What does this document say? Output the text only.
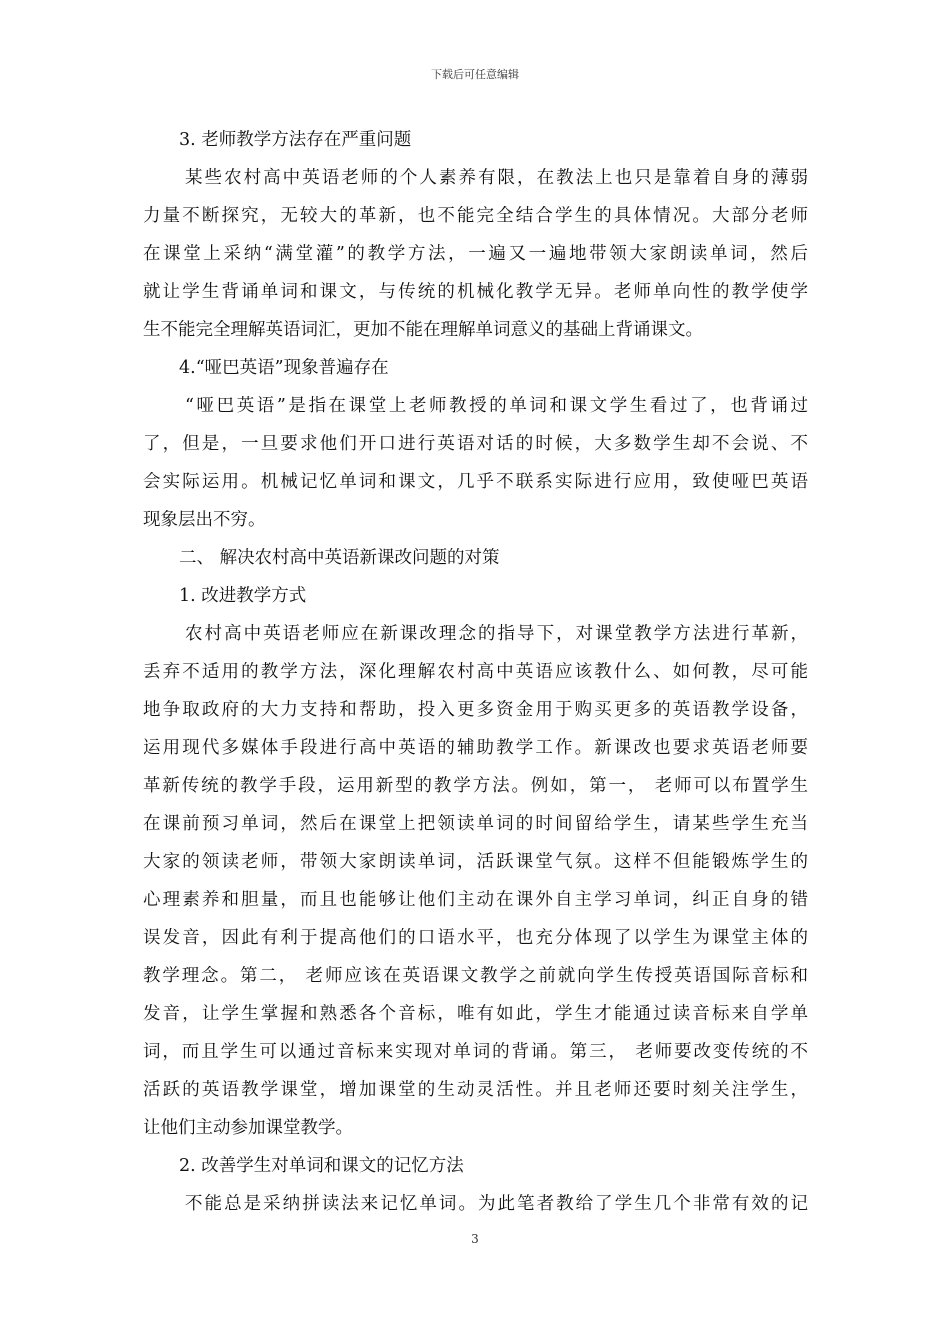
下载后可任意编辑
3. 老师教学方法存在严重问题
某些农村高中英语老师的个人素养有限，在教法上也只是靠着自身的薄弱
力量不断探究，无较大的革新，也不能完全结合学生的具体情况。大部分老师
在课堂上采纳“满堂灌”的教学方法，一遍又一遍地带领大家朗读单词，然后
就让学生背诵单词和课文，与传统的机械化教学无异。老师单向性的教学使学
生不能完全理解英语词汇，更加不能在理解单词意义的基础上背诵课文。
4.“哑巴英语”现象普遍存在
“哑巴英语”是指在课堂上老师教授的单词和课文学生看过了，也背诵过
了，但是，一旦要求他们开口进行英语对话的时候，大多数学生却不会说、不
会实际运用。机械记忆单词和课文，几乎不联系实际进行应用，致使哑巴英语
现象层出不穷。
二、 解决农村高中英语新课改问题的对策
1. 改进教学方式
农村高中英语老师应在新课改理念的指导下，对课堂教学方法进行革新，
丢弃不适用的教学方法，深化理解农村高中英语应该教什么、如何教，尽可能
地争取政府的大力支持和帮助，投入更多资金用于购买更多的英语教学设备，
运用现代多媒体手段进行高中英语的辅助教学工作。新课改也要求英语老师要
革新传统的教学手段，运用新型的教学方法。例如，第一， 老师可以布置学生
在课前预习单词，然后在课堂上把领读单词的时间留给学生，请某些学生充当
大家的领读老师，带领大家朗读单词，活跃课堂气氛。这样不但能锻炼学生的
心理素养和胆量，而且也能够让他们主动在课外自主学习单词，纠正自身的错
误发音，因此有利于提高他们的口语水平，也充分体现了以学生为课堂主体的
教学理念。第二， 老师应该在英语课文教学之前就向学生传授英语国际音标和
发音，让学生掌握和熟悉各个音标，唯有如此，学生才能通过读音标来自学单
词，而且学生可以通过音标来实现对单词的背诵。第三， 老师要改变传统的不
活跃的英语教学课堂，增加课堂的生动灵活性。并且老师还要时刻关注学生，
让他们主动参加课堂教学。
2. 改善学生对单词和课文的记忆方法
不能总是采纳拼读法来记忆单词。为此笔者教给了学生几个非常有效的记
3
